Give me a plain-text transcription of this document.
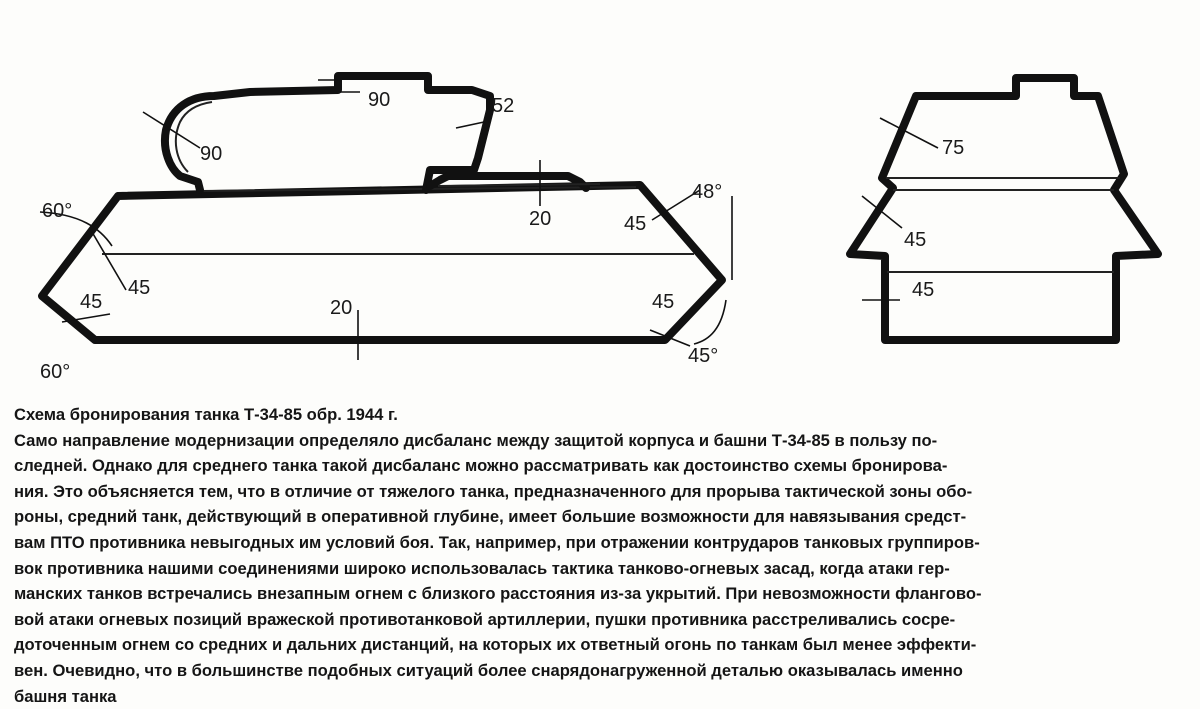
90	52
90
20
60°
45
45
60°
20
45
48°
45
45°
75
45
45
Схема бронирования танка Т-34-85 обр. 1944 г.
Само направление модернизации определяло дисбаланс между защитой корпуса и башни Т-34-85 в пользу по-
следней. Однако для среднего танка такой дисбаланс можно рассматривать как достоинство схемы бронирова-
ния. Это объясняется тем, что в отличие от тяжелого танка, предназначенного для прорыва тактической зоны обо-
роны, средний танк, действующий в оперативной глубине, имеет большие возможности для навязывания средст-
вам ПТО противника невыгодных им условий боя. Так, например, при отражении контрударов танковых группиров-
вок противника нашими соединениями широко использовалась тактика танково-огневых засад, когда атаки гер-
манских танков встречались внезапным огнем с близкого расстояния из-за укрытий. При невозможности флангово-
вой атаки огневых позиций вражеской противотанковой артиллерии, пушки противника расстреливались сосре-
доточенным огнем со средних и дальних дистанций, на которых их ответный огонь по танкам был менее эффекти-
вен. Очевидно, что в большинстве подобных ситуаций более снарядонагруженной деталью оказывалась именно
башня танка
